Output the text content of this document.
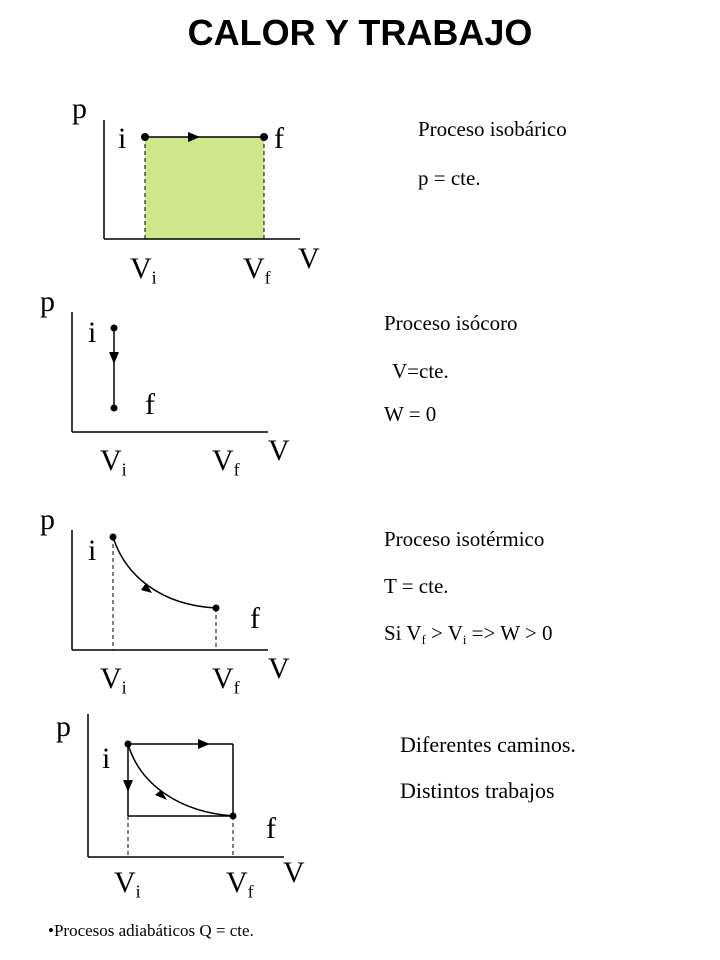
CALOR Y TRABAJO
p
i	f
V
$V_i$	$V_f$
Proceso isobárico
p = cte.
p
i
f
V
$V_i$	$V_f$
Proceso isócoro
V=cte.
W = 0
p
i
f
V
$V_i$	$V_f$
Proceso isotérmico
T = cte.
Si $V_f > V_i => W > 0$
p
i
f
V
$V_i$	$V_f$
Diferentes caminos.
Distintos trabajos
•Procesos adiabáticos Q = cte.
